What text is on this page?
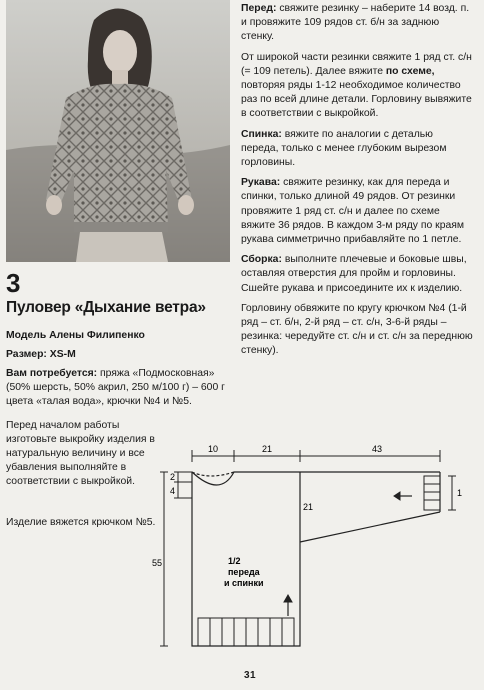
3
Пуловер «Дыхание ветра»
Модель Алены Филипенко
Размер: XS-M
Вам потребуется: пряжа «Подмосковная» (50% шерсть, 50% акрил, 250 м/100 г) – 600 г цвета «талая вода», крючки №4 и №5.
Перед началом работы изготовьте выкройку изделия в натуральную величину и все убавления выполняйте в соответствии с выкройкой.
Изделие вяжется крючком №5.

Перед: свяжите резинку – наберите 14 возд. п. и провяжите 109 рядов ст. б/н за заднюю стенку.

От широкой части резинки свяжите 1 ряд ст. с/н (= 109 петель). Далее вяжите по схеме, повторяя ряды 1-12 необходимое количество раз по всей длине детали. Горловину вывяжите в соответствии с выкройкой.

Спинка: вяжите по аналогии с деталью переда, только с менее глубоким вырезом горловины.

Рукава: свяжите резинку, как для переда и спинки, только длиной 49 рядов. От резинки провяжите 1 ряд ст. с/н и далее по схеме вяжите 36 рядов. В каждом 3-м ряду по краям рукава симметрично прибавляйте по 1 петле.

Сборка: выполните плечевые и боковые швы, оставляя отверстия для пройм и горловины. Сшейте рукава и присоедините их к изделию.

Горловину обвяжите по кругу крючком №4 (1-й ряд – ст. б/н, 2-й ряд – ст. с/н, 3-6-й ряды – резинка: чередуйте ст. с/н и ст. с/н за переднюю стенку).

10	21	43
2
4
55
1
21
1/2
переда
и спинки
31
